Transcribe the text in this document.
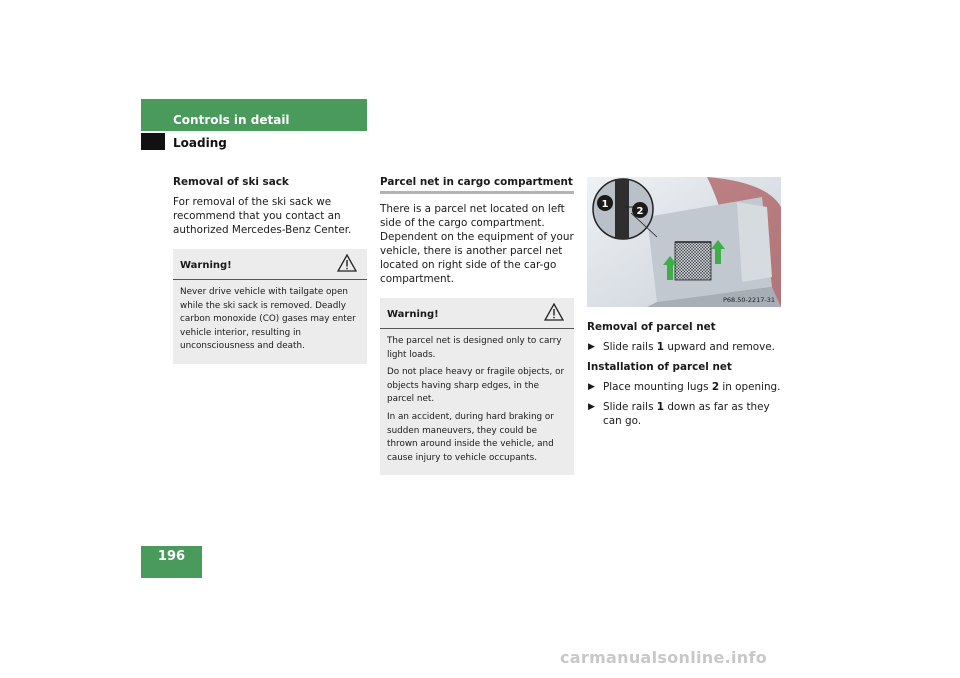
Controls in detail
Loading
Removal of ski sack
For removal of the ski sack we recommend that you contact an authorized Mercedes-Benz Center.
Warning!

Never drive vehicle with tailgate open while the ski sack is removed. Deadly carbon monoxide (CO) gases may enter vehicle interior, resulting in unconsciousness and death.

Parcel net in cargo compartment
There is a parcel net located on left side of the cargo compartment. Dependent on the equipment of your vehicle, there is another parcel net located on right side of the car-go compartment.
Warning!

The parcel net is designed only to carry light loads.

Do not place heavy or fragile objects, or objects having sharp edges, in the parcel net.

In an accident, during hard braking or sudden maneuvers, they could be thrown around inside the vehicle, and cause injury to vehicle occupants.

1
2
P68.50-2217-31
Removal of parcel net
▶ Slide rails 1 upward and remove.
Installation of parcel net
▶ Place mounting lugs 2 in opening.
▶ Slide rails 1 down as far as they can go.
196
carmanualsonline.info
